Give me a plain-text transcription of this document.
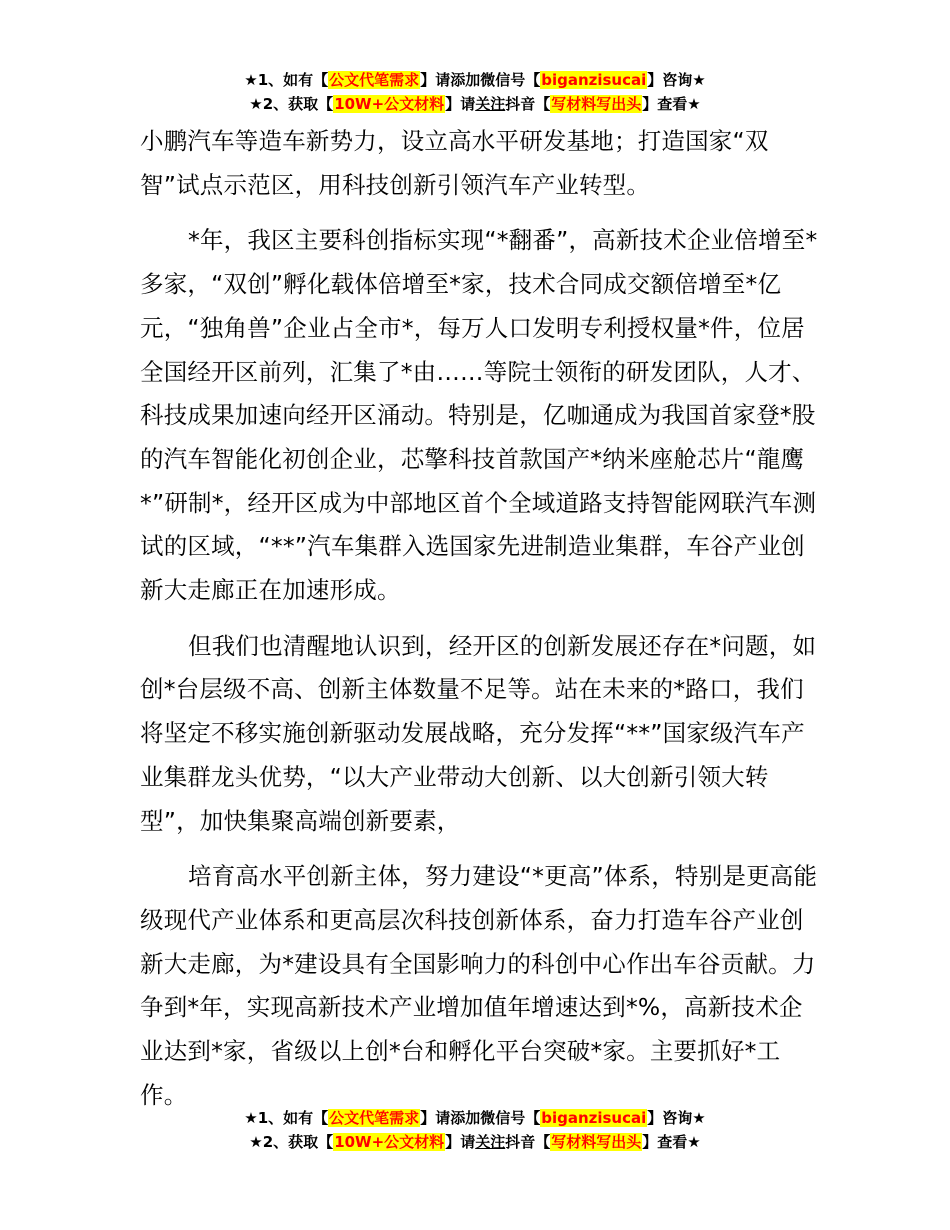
★1、如有【公文代笔需求】请添加微信号【biganzisucai】咨询★
★2、获取【10W+公文材料】请关注抖音【写材料写出头】查看★

小鹏汽车等造车新势力，设立高水平研发基地；打造国家“双智”试点示范区，用科技创新引领汽车产业转型。

*年，我区主要科创指标实现“*翻番”，高新技术企业倍增至*多家，“双创”孵化载体倍增至*家，技术合同成交额倍增至*亿元，“独角兽”企业占全市*，每万人口发明专利授权量*件，位居全国经开区前列，汇集了*由……等院士领衔的研发团队，人才、科技成果加速向经开区涌动。特别是，亿咖通成为我国首家登*股的汽车智能化初创企业，芯擎科技首款国产*纳米座舱芯片“龍鹰*”研制*，经开区成为中部地区首个全域道路支持智能网联汽车测试的区域，“**”汽车集群入选国家先进制造业集群，车谷产业创新大走廊正在加速形成。

但我们也清醒地认识到，经开区的创新发展还存在*问题，如创*台层级不高、创新主体数量不足等。站在未来的*路口，我们将坚定不移实施创新驱动发展战略，充分发挥“**”国家级汽车产业集群龙头优势，“以大产业带动大创新、以大创新引领大转型”，加快集聚高端创新要素，

培育高水平创新主体，努力建设“*更高”体系，特别是更高能级现代产业体系和更高层次科技创新体系，奋力打造车谷产业创新大走廊，为*建设具有全国影响力的科创中心作出车谷贡献。力争到*年，实现高新技术产业增加值年增速达到*%，高新技术企业达到*家，省级以上创*台和孵化平台突破*家。主要抓好*工作。

★1、如有【公文代笔需求】请添加微信号【biganzisucai】咨询★
★2、获取【10W+公文材料】请关注抖音【写材料写出头】查看★
